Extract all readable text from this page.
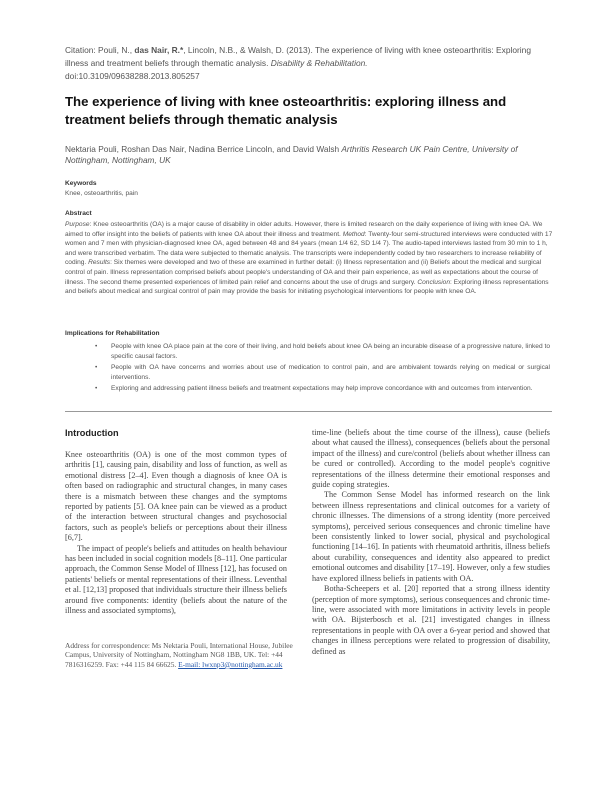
Citation: Pouli, N., das Nair, R.*, Lincoln, N.B., & Walsh, D. (2013). The experience of living with knee osteoarthritis: Exploring illness and treatment beliefs through thematic analysis. Disability & Rehabilitation.
doi:10.3109/09638288.2013.805257
The experience of living with knee osteoarthritis: exploring illness and treatment beliefs through thematic analysis
Nektaria Pouli, Roshan Das Nair, Nadina Berrice Lincoln, and David Walsh Arthritis Research UK Pain Centre, University of Nottingham, Nottingham, UK
Keywords
Knee, osteoarthritis, pain
Abstract
Purpose: Knee osteoarthritis (OA) is a major cause of disability in older adults. However, there is limited research on the daily experience of living with knee OA. We aimed to offer insight into the beliefs of patients with knee OA about their illness and treatment. Method: Twenty-four semi-structured interviews were conducted with 17 women and 7 men with physician-diagnosed knee OA, aged between 48 and 84 years (mean 1/4 62, SD 1/4 7). The audio-taped interviews lasted from 30 min to 1 h, and were transcribed verbatim. The data were subjected to thematic analysis. The transcripts were independently coded by two researchers to increase reliability of coding. Results: Six themes were developed and two of these are examined in further detail: (i) Illness representation and (ii) Beliefs about the medical and surgical control of pain. Illness representation comprised beliefs about people's understanding of OA and their pain experience, as well as expectations about the course of illness. The second theme presented experiences of limited pain relief and concerns about the use of drugs and surgery. Conclusion: Exploring illness representations and beliefs about medical and surgical control of pain may provide the basis for initiating psychological interventions for people with knee OA.
Implications for Rehabilitation
• People with knee OA place pain at the core of their living, and hold beliefs about knee OA being an incurable disease of a progressive nature, linked to specific causal factors.
• People with OA have concerns and worries about use of medication to control pain, and are ambivalent towards relying on medical or surgical interventions.
• Exploring and addressing patient illness beliefs and treatment expectations may help improve concordance with and outcomes from intervention.
Introduction

Knee osteoarthritis (OA) is one of the most common types of arthritis [1], causing pain, disability and loss of function, as well as emotional distress [2–4]. Even though a diagnosis of knee OA is often based on radiographic and structural changes, in many cases there is a mismatch between these changes and the symptoms reported by patients [5]. OA knee pain can be viewed as a product of the interaction between structural changes and psychosocial factors, such as people's beliefs or perceptions about their illness [6,7].

The impact of people's beliefs and attitudes on health behaviour has been included in social cognition models [8–11]. One particular approach, the Common Sense Model of Illness [12], has focused on patients' beliefs or mental representations of their illness. Leventhal et al. [12,13] proposed that individuals structure their illness beliefs around five components: identity (beliefs about the nature of the illness and associated symptoms),

time-line (beliefs about the time course of the illness), cause (beliefs about what caused the illness), consequences (beliefs about the personal impact of the illness) and cure/control (beliefs about whether illness can be cured or controlled). According to the model people's cognitive representations of the illness determine their emotional responses and guide coping strategies.

The Common Sense Model has informed research on the link between illness representations and clinical outcomes for a variety of chronic illnesses. The dimensions of a strong identity (more perceived symptoms), perceived serious consequences and chronic timeline have been consistently linked to lower social, physical and psychological functioning [14–16]. In patients with rheumatoid arthritis, illness beliefs about curability, consequences and identity also appeared to predict emotional outcomes and disability [17–19]. However, only a few studies have explored illness beliefs in patients with OA.

Botha-Scheepers et al. [20] reported that a strong illness identity (perception of more symptoms), serious consequences and chronic time-line, were associated with more limitations in activity levels in people with OA. Bijsterbosch et al. [21] investigated changes in illness representations in people with OA over a 6-year period and showed that changes in illness perceptions were related to progression of disability, defined as

Address for correspondence: Ms Nektaria Pouli, International House, Jubilee Campus, University of Nottingham, Nottingham NG8 1BB, UK. Tel: +44 7816316259. Fax: +44 115 84 66625. E-mail: lwxnp3@nottingham.ac.uk
